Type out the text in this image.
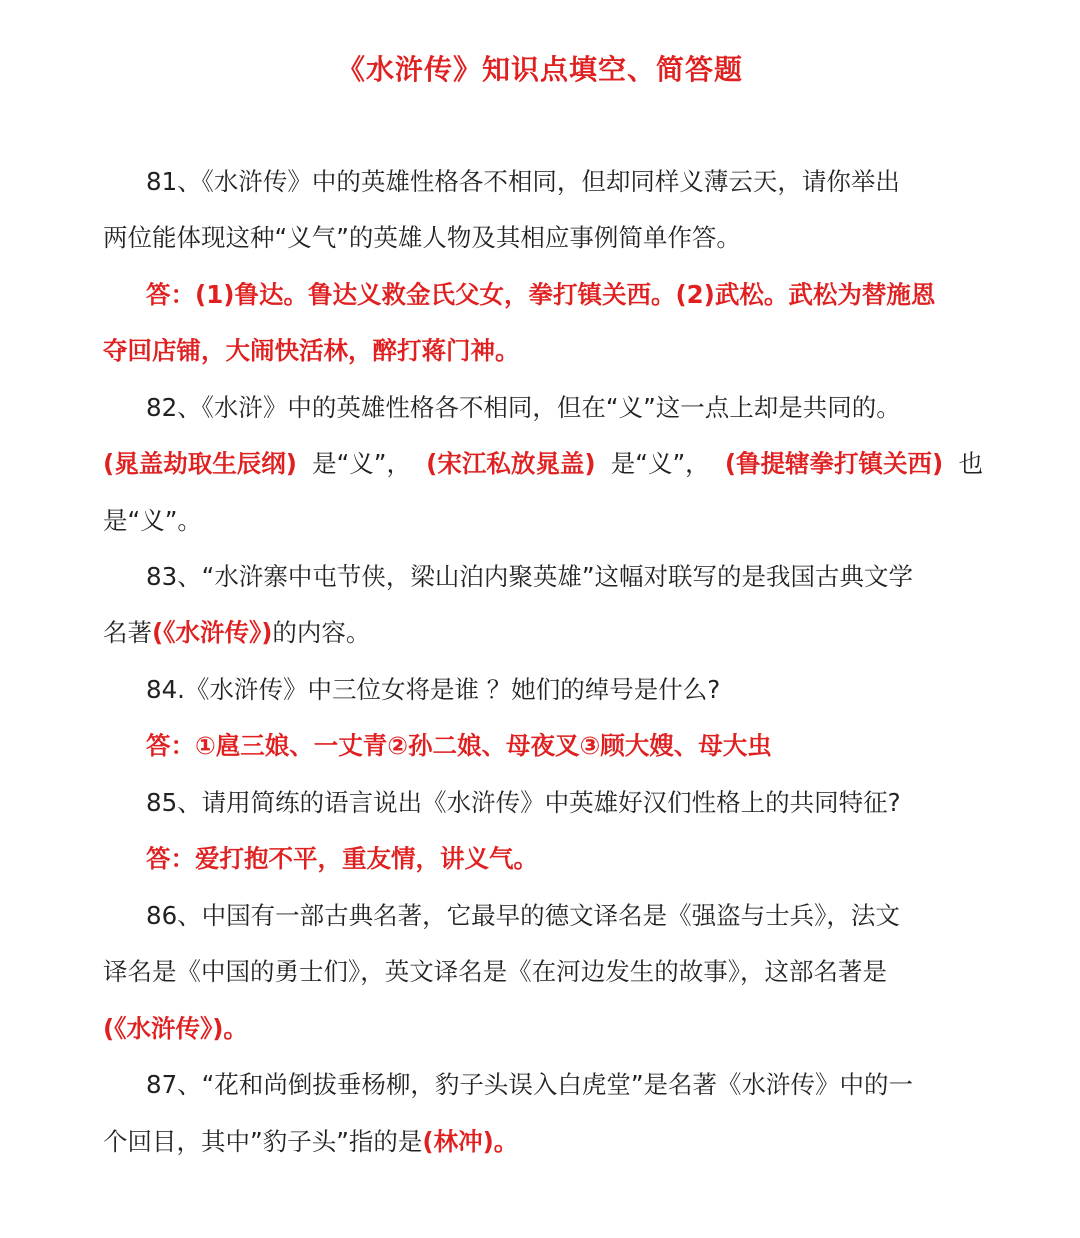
《水浒传》知识点填空、简答题
81、《水浒传》中的英雄性格各不相同，但却同样义薄云天，请你举出
两位能体现这种“义气”的英雄人物及其相应事例简单作答。
答：(1)鲁达。鲁达义救金氏父女，拳打镇关西。(2)武松。武松为替施恩
夺回店铺，大闹快活林，醉打蒋门神。
82、《水浒》中的英雄性格各不相同，但在“义”这一点上却是共同的。
(晁盖劫取生辰纲) 是“义”， (宋江私放晁盖) 是“义”， (鲁提辖拳打镇关西) 也
是“义”。
83、“水浒寨中屯节侠，梁山泊内聚英雄”这幅对联写的是我国古典文学
名著 (《水浒传》) 的内容。
84.《水浒传》中三位女将是谁 ？她们的绰号是什么?
答：①扈三娘、一丈青②孙二娘、母夜叉③顾大嫂、母大虫
85、请用简练的语言说出《水浒传》中英雄好汉们性格上的共同特征?
答：爱打抱不平，重友情，讲义气。
86、中国有一部古典名著，它最早的德文译名是《强盗与士兵》，法文
译名是《中国的勇士们》，英文译名是《在河边发生的故事》，这部名著是
(《水浒传》)。
87、“花和尚倒拔垂杨柳，豹子头误入白虎堂”是名著《水浒传》中的一
个回目，其中”豹子头”指的是 (林冲)。
